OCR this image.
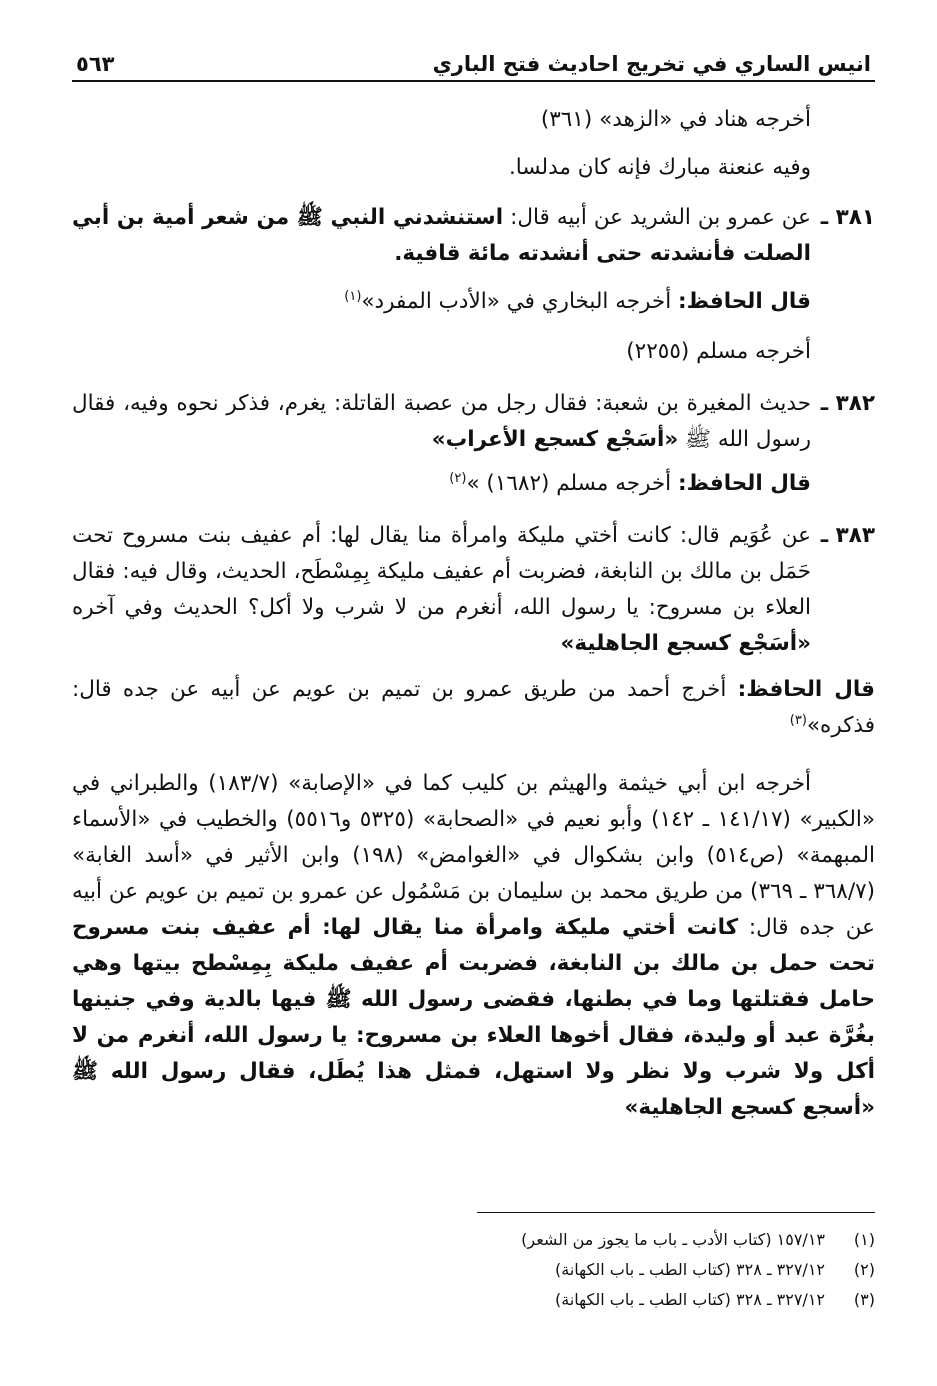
انيس الساري في تخريج احاديث فتح الباري
٥٦٣

أخرجه هناد في «الزهد» (٣٦١)

وفيه عنعنة مبارك فإنه كان مدلسا.

٣٨١ ـ
عن عمرو بن الشريد عن أبيه قال: استنشدني النبي ﷺ من شعر أمية بن أبي الصلت فأنشدته حتى أنشدته مائة قافية.

قال الحافظ: أخرجه البخاري في «الأدب المفرد»$^{(١)}$

أخرجه مسلم (٢٢٥٥)

٣٨٢ ـ
حديث المغيرة بن شعبة: فقال رجل من عصبة القاتلة: يغرم، فذكر نحوه وفيه، فقال رسول الله ﷺ «أسَجْع كسجع الأعراب»

قال الحافظ: أخرجه مسلم (١٦٨٢) »$^{(٢)}$

٣٨٣ ـ
عن عُوَيم قال: كانت أختي مليكة وامرأة منا يقال لها: أم عفيف بنت مسروح تحت حَمَل بن مالك بن النابغة، فضربت أم عفيف مليكة بِمِسْطَح، الحديث، وقال فيه: فقال العلاء بن مسروح: يا رسول الله، أنغرم من لا شرب ولا أكل؟ الحديث وفي آخره «أسَجْع كسجع الجاهلية»

قال الحافظ: أخرج أحمد من طريق عمرو بن تميم بن عويم عن أبيه عن جده قال: فذكره»$^{(٣)}$

أخرجه ابن أبي خيثمة والهيثم بن كليب كما في «الإصابة» (١٨٣/٧) والطبراني في «الكبير» (١٤١/١٧ ـ ١٤٢) وأبو نعيم في «الصحابة» (٥٣٢٥ و٥٥١٦) والخطيب في «الأسماء المبهمة» (ص٥١٤) وابن بشكوال في «الغوامض» (١٩٨) وابن الأثير في «أسد الغابة» (٣٦٨/٧ ـ ٣٦٩) من طريق محمد بن سليمان بن مَسْمُول عن عمرو بن تميم بن عويم عن أبيه عن جده قال: كانت أختي مليكة وامرأة منا يقال لها: أم عفيف بنت مسروح تحت حمل بن مالك بن النابغة، فضربت أم عفيف مليكة بِمِسْطح بيتها وهي حامل فقتلتها وما في بطنها، فقضى رسول الله ﷺ فيها بالدية وفي جنينها بغُرَّة عبد أو وليدة، فقال أخوها العلاء بن مسروح: يا رسول الله، أنغرم من لا أكل ولا شرب ولا نظر ولا استهل، فمثل هذا يُطَل، فقال رسول الله ﷺ «أسجع كسجع الجاهلية»

(١)
١٥٧/١٣ (كتاب الأدب ـ باب ما يجوز من الشعر)
(٢)
٣٢٧/١٢ ـ ٣٢٨ (كتاب الطب ـ باب الكهانة)
(٣)
٣٢٧/١٢ ـ ٣٢٨ (كتاب الطب ـ باب الكهانة)
